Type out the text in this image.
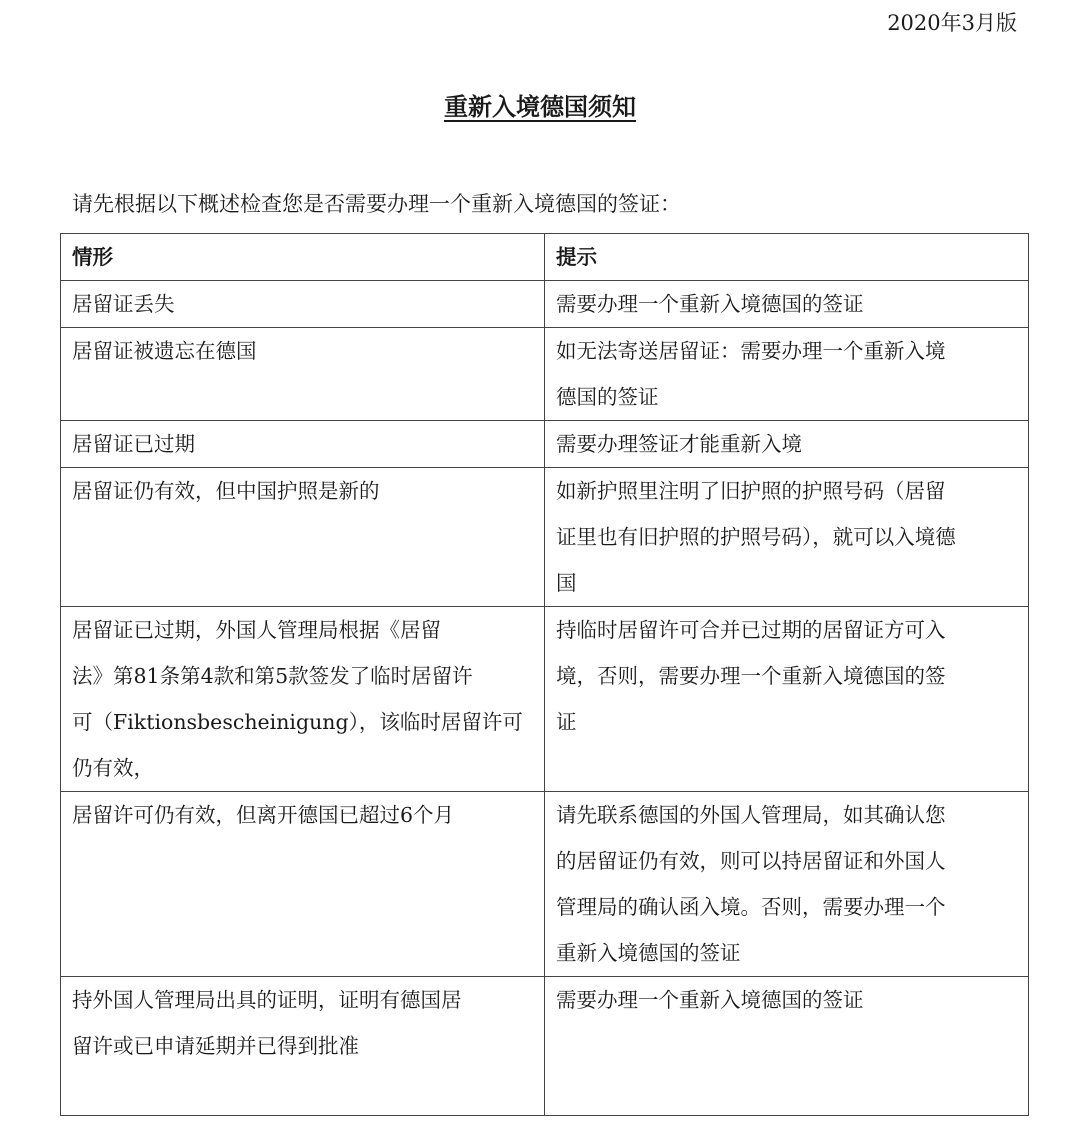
2020年3月版
重新入境德国须知
请先根据以下概述检查您是否需要办理一个重新入境德国的签证：
情形	提示

居留证丢失	需要办理一个重新入境德国的签证

居留证被遗忘在德国	如无法寄送居留证：需要办理一个重新入境
德国的签证

居留证已过期	需要办理签证才能重新入境

居留证仍有效，但中国护照是新的	如新护照里注明了旧护照的护照号码（居留
证里也有旧护照的护照号码），就可以入境德
国

居留证已过期，外国人管理局根据《居留
法》第81条第4款和第5款签发了临时居留许
可（Fiktionsbescheinigung），该临时居留许可
仍有效，	持临时居留许可合并已过期的居留证方可入
境，否则，需要办理一个重新入境德国的签
证

居留许可仍有效，但离开德国已超过6个月	请先联系德国的外国人管理局，如其确认您
的居留证仍有效，则可以持居留证和外国人
管理局的确认函入境。否则，需要办理一个
重新入境德国的签证

持外国人管理局出具的证明，证明有德国居
留许或已申请延期并已得到批准	需要办理一个重新入境德国的签证
